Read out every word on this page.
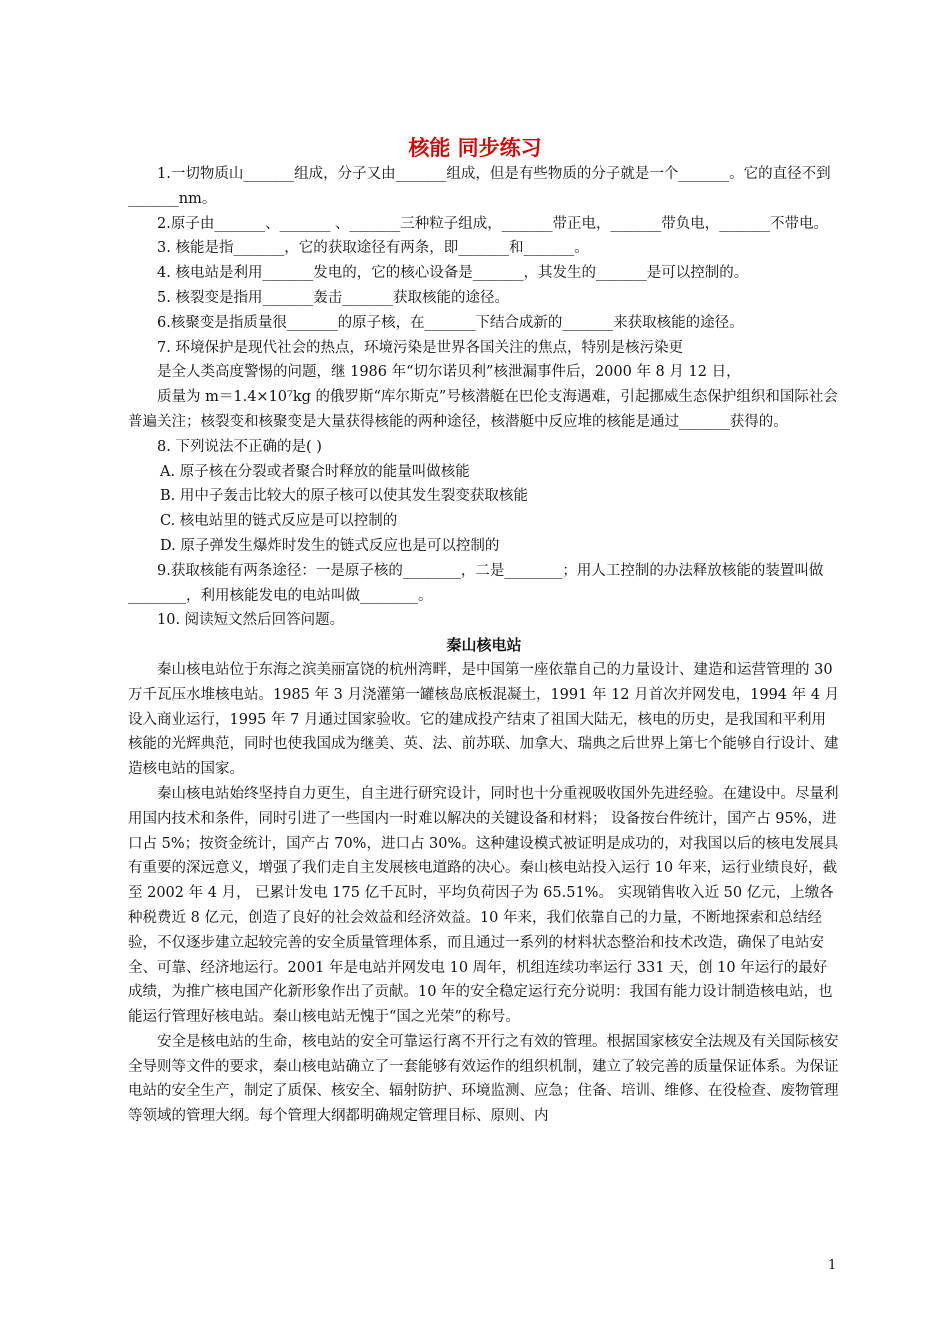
核能 同步练习

1.一切物质山_______组成，分子又由_______组成，但是有些物质的分子就是一个_______。它的直径不到_______nm。

2.原子由_______、_______ 、_______三种粒子组成，_______带正电，_______带负电，_______不带电。

3. 核能是指_______，它的获取途径有两条，即_______和_______。

4. 核电站是利用_______发电的，它的核心设备是_______，其发生的_______是可以控制的。

5. 核裂变是指用_______轰击_______获取核能的途径。

6.核聚变是指质量很_______的原子核，在_______下结合成新的_______来获取核能的途径。

7. 环境保护是现代社会的热点，环境污染是世界各国关注的焦点，特别是核污染更

是全人类高度警惕的问题，继 1986 年“切尔诺贝利”核泄漏事件后，2000 年 8 月 12 日，

质量为 m＝1.4×10⁷kg 的俄罗斯“库尔斯克”号核潜艇在巴伦支海遇难，引起挪威生态保护组织和国际社会普遍关注；核裂变和核聚变是大量获得核能的两种途径，核潜艇中反应堆的核能是通过_______获得的。

8. 下列说法不正确的是( )

A. 原子核在分裂或者聚合时释放的能量叫做核能

B. 用中子轰击比较大的原子核可以使其发生裂变获取核能

C. 核电站里的链式反应是可以控制的

D. 原子弹发生爆炸时发生的链式反应也是可以控制的

9.获取核能有两条途径：一是原子核的________，二是________；用人工控制的办法释放核能的装置叫做________，利用核能发电的电站叫做________。

10. 阅读短文然后回答问题。

秦山核电站

秦山核电站位于东海之滨美丽富饶的杭州湾畔，是中国第一座依靠自己的力量设计、建造和运营管理的 30 万千瓦压水堆核电站。1985 年 3 月浇灌第一罐核岛底板混凝土，1991 年 12 月首次并网发电，1994 年 4 月设入商业运行，1995 年 7 月通过国家验收。它的建成投产结束了祖国大陆无，核电的历史，是我国和平利用核能的光辉典范，同时也使我国成为继美、英、法、前苏联、加拿大、瑞典之后世界上第七个能够自行设计、建造核电站的国家。

秦山核电站始终坚持自力更生，自主进行研究设计，同时也十分重视吸收国外先进经验。在建设中。尽量利用国内技术和条件，同时引进了一些国内一时难以解决的关键设备和材料； 设备按台件统计，国产占 95%，进口占 5%；按资金统计，国产占 70%，进口占 30%。这种建设模式被证明是成功的，对我国以后的核电发展具有重要的深远意义，增强了我们走自主发展核电道路的决心。秦山核电站投入运行 10 年来，运行业绩良好，截至 2002 年 4 月， 已累计发电 175 亿千瓦时，平均负荷因子为 65.51%。 实现销售收入近 50 亿元，上缴各种税费近 8 亿元，创造了良好的社会效益和经济效益。10 年来，我们依靠自己的力量，不断地探索和总结经验，不仅逐步建立起较完善的安全质量管理体系，而且通过一系列的材料状态整治和技术改造，确保了电站安全、可靠、经济地运行。2001 年是电站并网发电 10 周年，机组连续功率运行 331 天，创 10 年运行的最好成绩，为推广核电国产化新形象作出了贡献。10 年的安全稳定运行充分说明：我国有能力设计制造核电站，也能运行管理好核电站。秦山核电站无愧于“国之光荣”的称号。

安全是核电站的生命，核电站的安全可靠运行离不开行之有效的管理。根据国家核安全法规及有关国际核安全导则等文件的要求，秦山核电站确立了一套能够有效运作的组织机制，建立了较完善的质量保证体系。为保证电站的安全生产，制定了质保、核安全、辐射防护、环境监测、应急；住备、培训、维修、在役检查、废物管理等领域的管理大纲。每个管理大纲都明确规定管理目标、原则、内

1
